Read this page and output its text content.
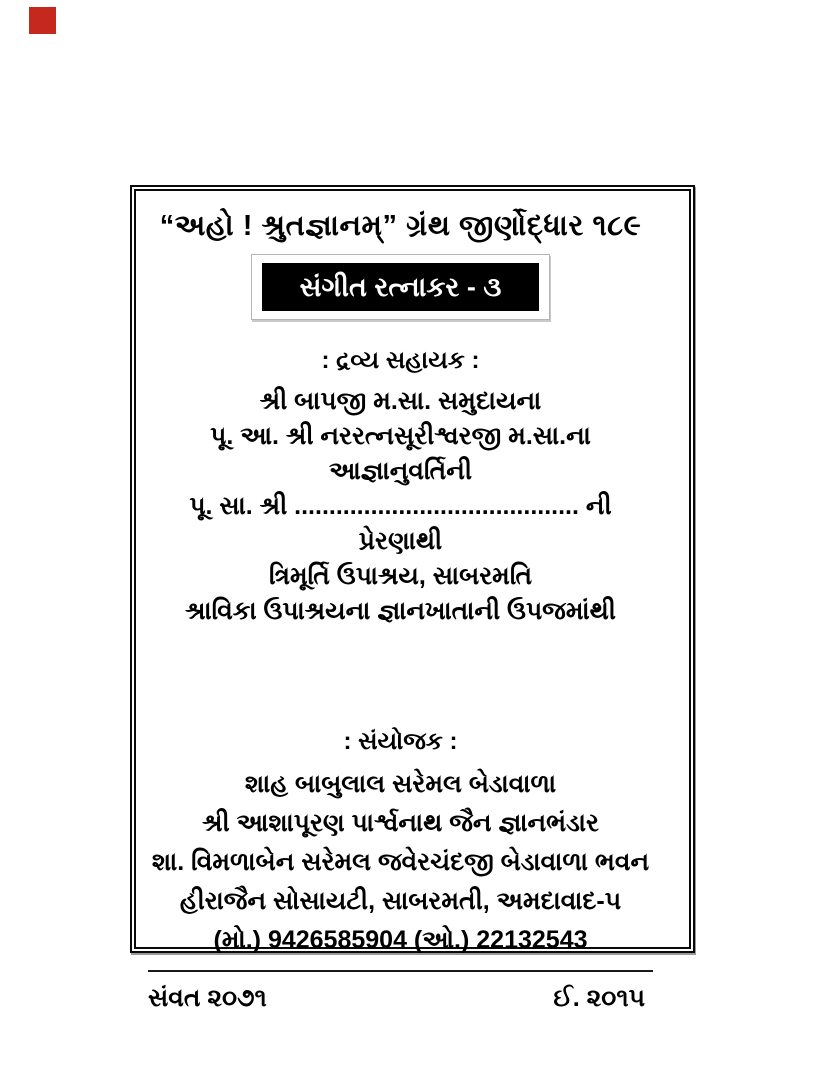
“અહો ! શ્રુતજ્ઞાનમ્” ગ્રંથ જીર્ણોદ્ધાર ૧૮૯
સંગીત રત્નાકર - ૩
: દ્રવ્ય સહાયક :
શ્રી બાપજી મ.સા. સમુદાયના
પૂ. આ. શ્રી નરરત્નસૂરીશ્વરજી મ.સા.ના આજ્ઞાનુવર્તિની
પૂ. સા. શ્રી ......................................... ની પ્રેરણાથી
ત્રિમૂર્તિ ઉપાશ્રય, સાબરમતિ
શ્રાવિકા ઉપાશ્રયના જ્ઞાનખાતાની ઉપજમાંથી
: સંયોજક :
શાહ બાબુલાલ સરેમલ બેડાવાળા
શ્રી આશાપૂરણ પાર્શ્વનાથ જૈન જ્ઞાનભંડાર
શા. વિમળાબેન સરેમલ જવેરચંદજી બેડાવાળા ભવન
હીરાજૈન સોસાયટી, સાબરમતી, અમદાવાદ-૫
(મો.) 9426585904 (ઓ.) 22132543
સંવત ૨૦૭૧	ઈ. ૨૦૧૫
